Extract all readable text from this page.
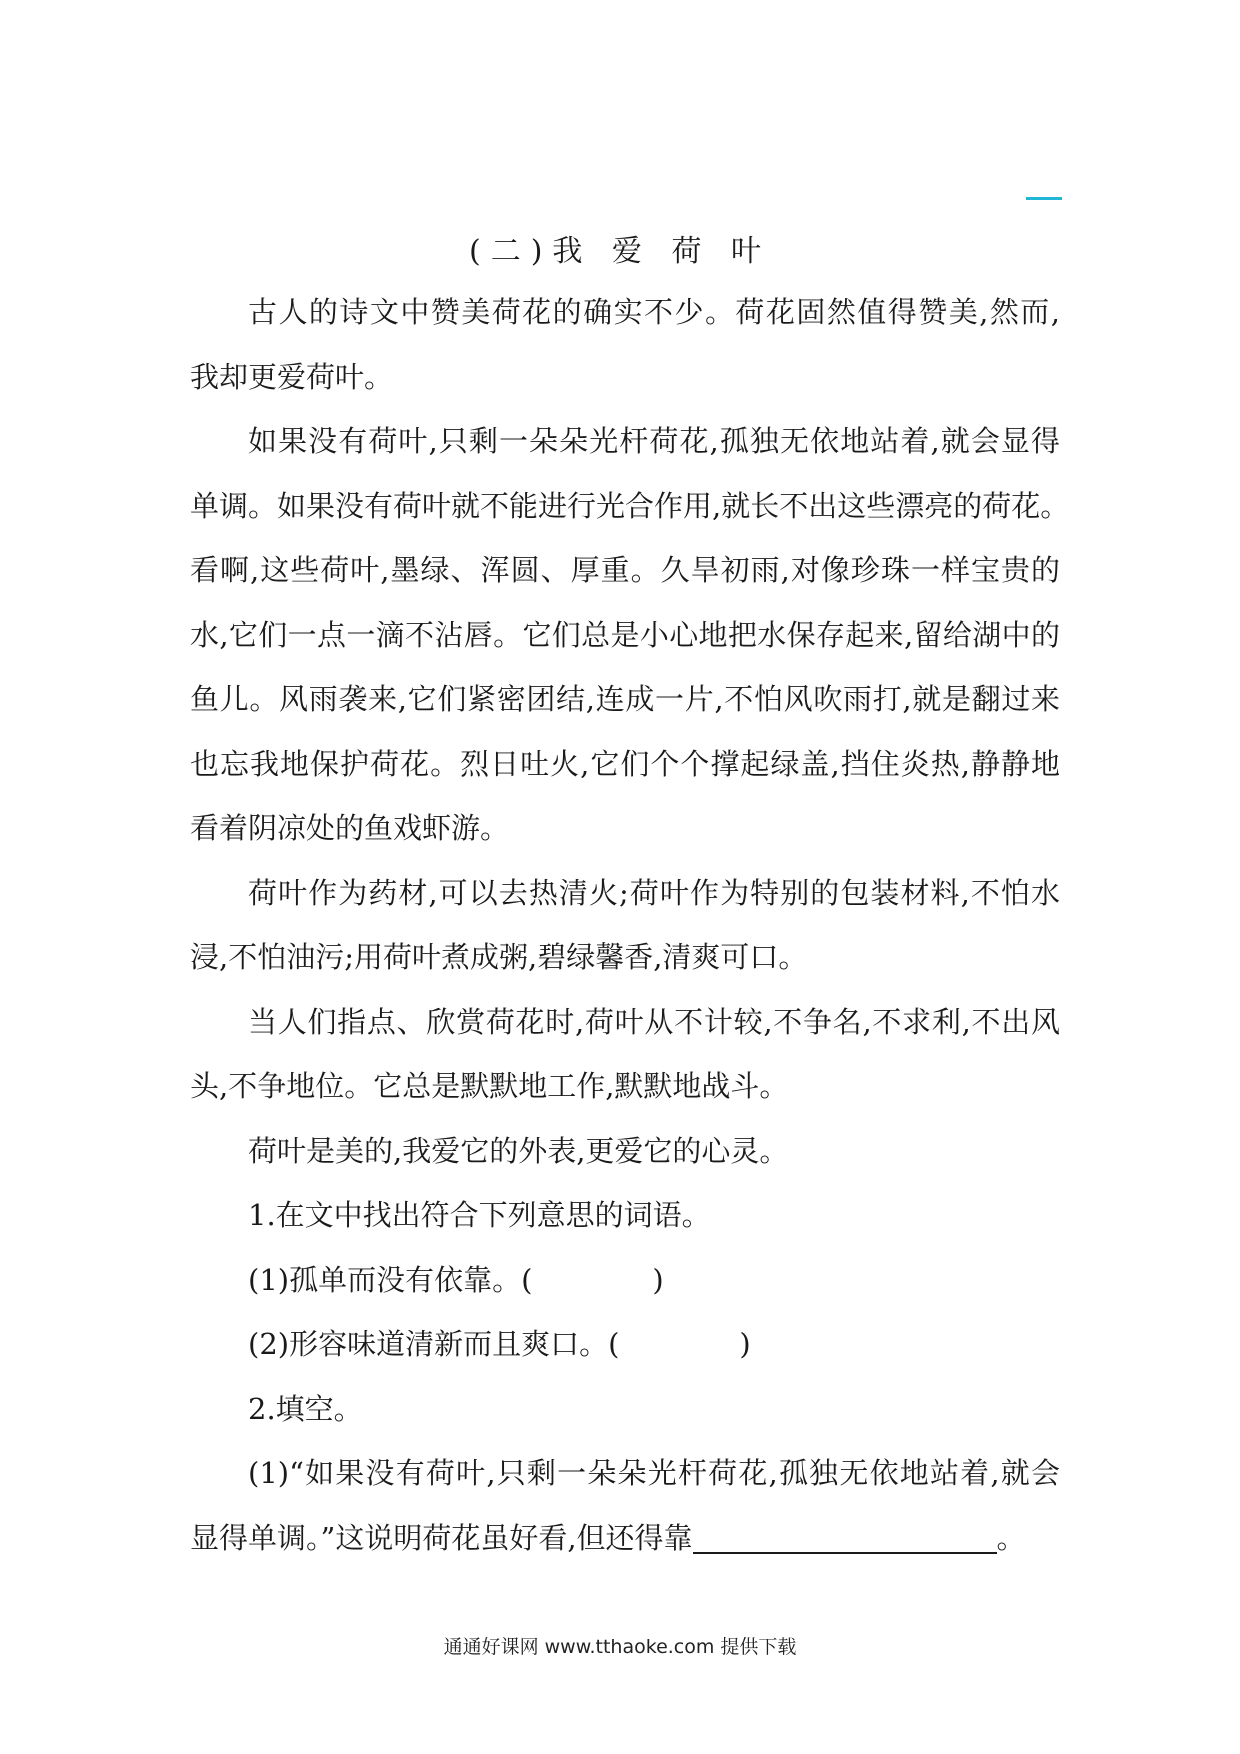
(二)我 爱 荷 叶
古人的诗文中赞美荷花的确实不少。荷花固然值得赞美,然而,
我却更爱荷叶。
如果没有荷叶,只剩一朵朵光杆荷花,孤独无依地站着,就会显得
单调。如果没有荷叶就不能进行光合作用,就长不出这些漂亮的荷花。
看啊,这些荷叶,墨绿、浑圆、厚重。久旱初雨,对像珍珠一样宝贵的
水,它们一点一滴不沾唇。它们总是小心地把水保存起来,留给湖中的
鱼儿。风雨袭来,它们紧密团结,连成一片,不怕风吹雨打,就是翻过来
也忘我地保护荷花。烈日吐火,它们个个撑起绿盖,挡住炎热,静静地
看着阴凉处的鱼戏虾游。
荷叶作为药材,可以去热清火;荷叶作为特别的包装材料,不怕水
浸,不怕油污;用荷叶煮成粥,碧绿馨香,清爽可口。
当人们指点、欣赏荷花时,荷叶从不计较,不争名,不求利,不出风
头,不争地位。它总是默默地工作,默默地战斗。
荷叶是美的,我爱它的外表,更爱它的心灵。
1.在文中找出符合下列意思的词语。
(1)孤单而没有依靠。(	)
(2)形容味道清新而且爽口。(	)
2.填空。
(1)“如果没有荷叶,只剩一朵朵光杆荷花,孤独无依地站着,就会
显得单调。”这说明荷花虽好看,但还得靠	。
通通好课网 www.tthaoke.com 提供下载
